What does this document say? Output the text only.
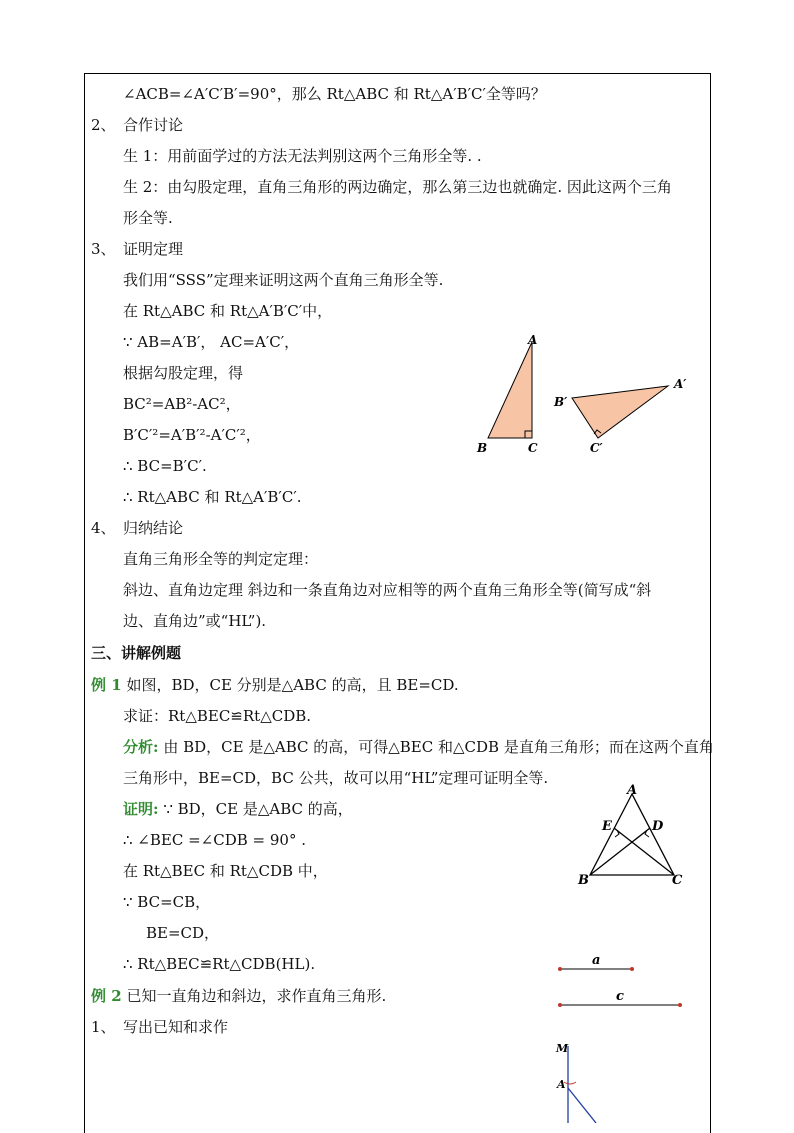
∠ACB=∠A′C′B′=90°，那么 Rt△ABC 和 Rt△A′B′C′全等吗？
2、 合作讨论
生 1：用前面学过的方法无法判别这两个三角形全等. .
生 2：由勾股定理，直角三角形的两边确定，那么第三边也就确定. 因此这两个三角
形全等.
3、 证明定理
我们用“SSS”定理来证明这两个直角三角形全等.
在 Rt△ABC 和 Rt△A′B′C′中，
∵ AB=A′B′， AC=A′C′，
根据勾股定理，得
BC²=AB²-AC²，
B′C′²=A′B′²-A′C′²，
∴ BC=B′C′.
∴ Rt△ABC 和 Rt△A′B′C′.
4、 归纳结论
直角三角形全等的判定定理：
斜边、直角边定理 斜边和一条直角边对应相等的两个直角三角形全等(简写成“斜
边、直角边”或“HL”).
三、讲解例题
例 1 如图，BD，CE 分别是△ABC 的高，且 BE=CD.
求证：Rt△BEC≌Rt△CDB.
分析: 由 BD，CE 是△ABC 的高，可得△BEC 和△CDB 是直角三角形；而在这两个直角
三角形中，BE=CD，BC 公共，故可以用“HL”定理可证明全等.
证明: ∵ BD，CE 是△ABC 的高，
∴ ∠BEC =∠CDB = 90° .
在 Rt△BEC 和 Rt△CDB 中，
∵ BC=CB，
BE=CD，
∴ Rt△BEC≌Rt△CDB(HL).
例 2 已知一直角边和斜边，求作直角三角形.
1、 写出已知和求作
A
B	C
B′
A′
C′
A
B	C
D
E
a
c
M
A
